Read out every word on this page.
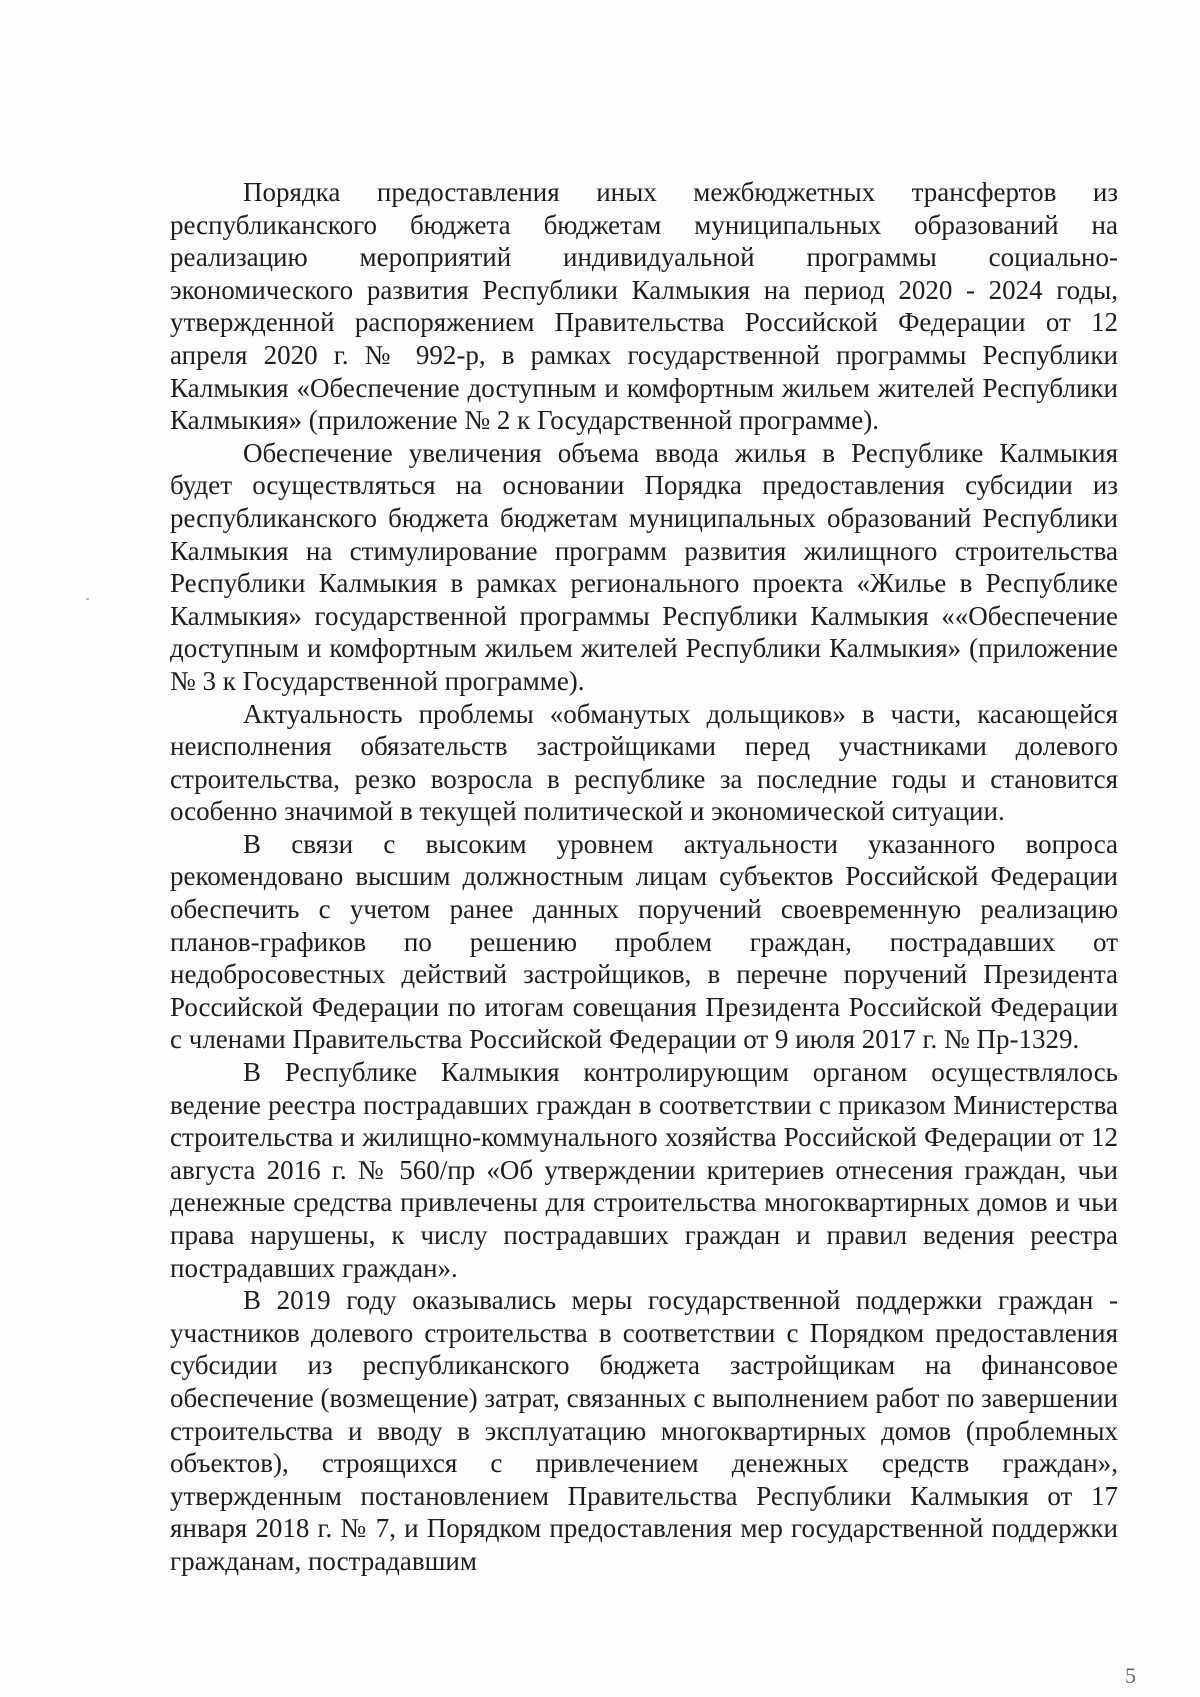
Порядка предоставления иных межбюджетных трансфертов из республиканского бюджета бюджетам муниципальных образований на реализацию мероприятий индивидуальной программы социально-экономического развития Республики Калмыкия на период 2020 - 2024 годы, утвержденной распоряжением Правительства Российской Федерации от 12 апреля 2020 г. № 992-р, в рамках государственной программы Республики Калмыкия «Обеспечение доступным и комфортным жильем жителей Республики Калмыкия» (приложение № 2 к Государственной программе).

Обеспечение увеличения объема ввода жилья в Республике Калмыкия будет осуществляться на основании Порядка предоставления субсидии из республиканского бюджета бюджетам муниципальных образований Республики Калмыкия на стимулирование программ развития жилищного строительства Республики Калмыкия в рамках регионального проекта «Жилье в Республике Калмыкия» государственной программы Республики Калмыкия ««Обеспечение доступным и комфортным жильем жителей Республики Калмыкия» (приложение № 3 к Государственной программе).

Актуальность проблемы «обманутых дольщиков» в части, касающейся неисполнения обязательств застройщиками перед участниками долевого строительства, резко возросла в республике за последние годы и становится особенно значимой в текущей политической и экономической ситуации.

В связи с высоким уровнем актуальности указанного вопроса рекомендовано высшим должностным лицам субъектов Российской Федерации обеспечить с учетом ранее данных поручений своевременную реализацию планов-графиков по решению проблем граждан, пострадавших от недобросовестных действий застройщиков, в перечне поручений Президента Российской Федерации по итогам совещания Президента Российской Федерации с членами Правительства Российской Федерации от 9 июля 2017 г. № Пр-1329.

В Республике Калмыкия контролирующим органом осуществлялось ведение реестра пострадавших граждан в соответствии с приказом Министерства строительства и жилищно-коммунального хозяйства Российской Федерации от 12 августа 2016 г. № 560/пр «Об утверждении критериев отнесения граждан, чьи денежные средства привлечены для строительства многоквартирных домов и чьи права нарушены, к числу пострадавших граждан и правил ведения реестра пострадавших граждан».

В 2019 году оказывались меры государственной поддержки граждан - участников долевого строительства в соответствии с Порядком предоставления субсидии из республиканского бюджета застройщикам на финансовое обеспечение (возмещение) затрат, связанных с выполнением работ по завершении строительства и вводу в эксплуатацию многоквартирных домов (проблемных объектов), строящихся с привлечением денежных средств граждан», утвержденным постановлением Правительства Республики Калмыкия от 17 января 2018 г. № 7, и Порядком предоставления мер государственной поддержки гражданам, пострадавшим

5
